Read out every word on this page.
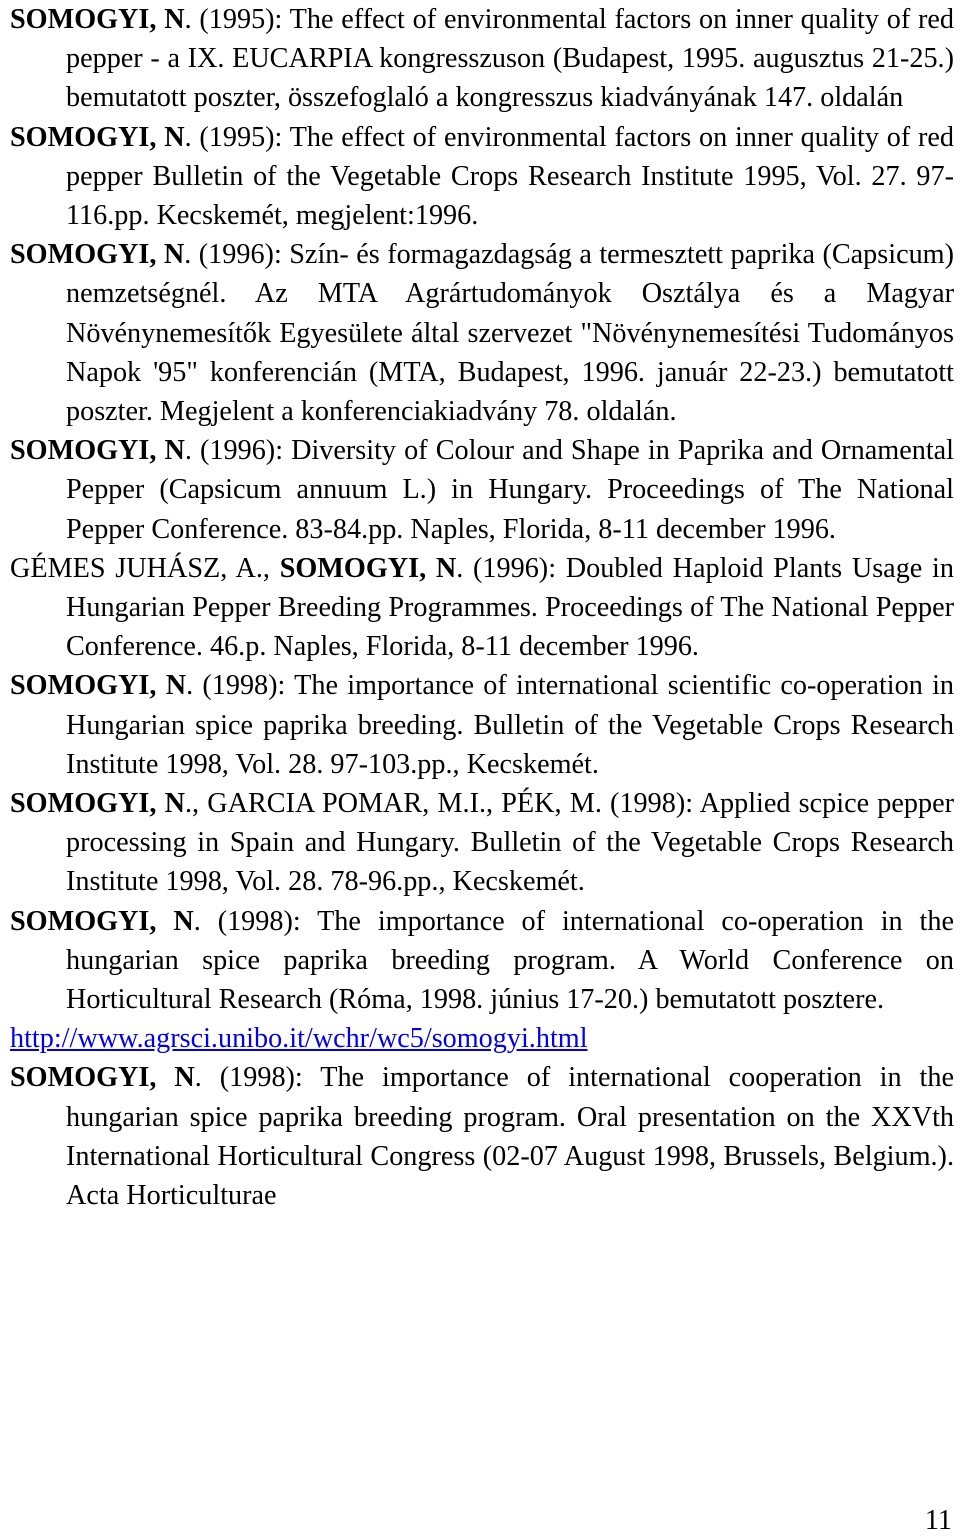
SOMOGYI, N. (1995): The effect of environmental factors on inner quality of red pepper - a IX. EUCARPIA kongresszuson (Budapest, 1995. augusztus 21-25.) bemutatott poszter, összefoglaló a kongresszus kiadványának 147. oldalán
SOMOGYI, N. (1995): The effect of environmental factors on inner quality of red pepper Bulletin of the Vegetable Crops Research Institute 1995, Vol. 27. 97-116.pp. Kecskemét, megjelent:1996.
SOMOGYI, N. (1996): Szín- és formagazdagság a termesztett paprika (Capsicum) nemzetségnél. Az MTA Agrártudományok Osztálya és a Magyar Növénynemesítők Egyesülete által szervezet "Növénynemesítési Tudományos Napok '95" konferencián (MTA, Budapest, 1996. január 22-23.) bemutatott poszter. Megjelent a konferenciakiadvány 78. oldalán.
SOMOGYI, N. (1996): Diversity of Colour and Shape in Paprika and Ornamental Pepper (Capsicum annuum L.) in Hungary. Proceedings of The National Pepper Conference. 83-84.pp. Naples, Florida, 8-11 december 1996.
GÉMES JUHÁSZ, A., SOMOGYI, N. (1996): Doubled Haploid Plants Usage in Hungarian Pepper Breeding Programmes. Proceedings of The National Pepper Conference. 46.p. Naples, Florida, 8-11 december 1996.
SOMOGYI, N. (1998): The importance of international scientific co-operation in Hungarian spice paprika breeding. Bulletin of the Vegetable Crops Research Institute 1998, Vol. 28. 97-103.pp., Kecskemét.
SOMOGYI, N., GARCIA POMAR, M.I., PÉK, M. (1998): Applied scpice pepper processing in Spain and Hungary. Bulletin of the Vegetable Crops Research Institute 1998, Vol. 28. 78-96.pp., Kecskemét.
SOMOGYI, N. (1998): The importance of international co-operation in the hungarian spice paprika breeding program. A World Conference on Horticultural Research (Róma, 1998. június 17-20.) bemutatott posztere.
http://www.agrsci.unibo.it/wchr/wc5/somogyi.html
SOMOGYI, N. (1998): The importance of international cooperation in the hungarian spice paprika breeding program. Oral presentation on the XXVth International Horticultural Congress (02-07 August 1998, Brussels, Belgium.). Acta Horticulturae
11
